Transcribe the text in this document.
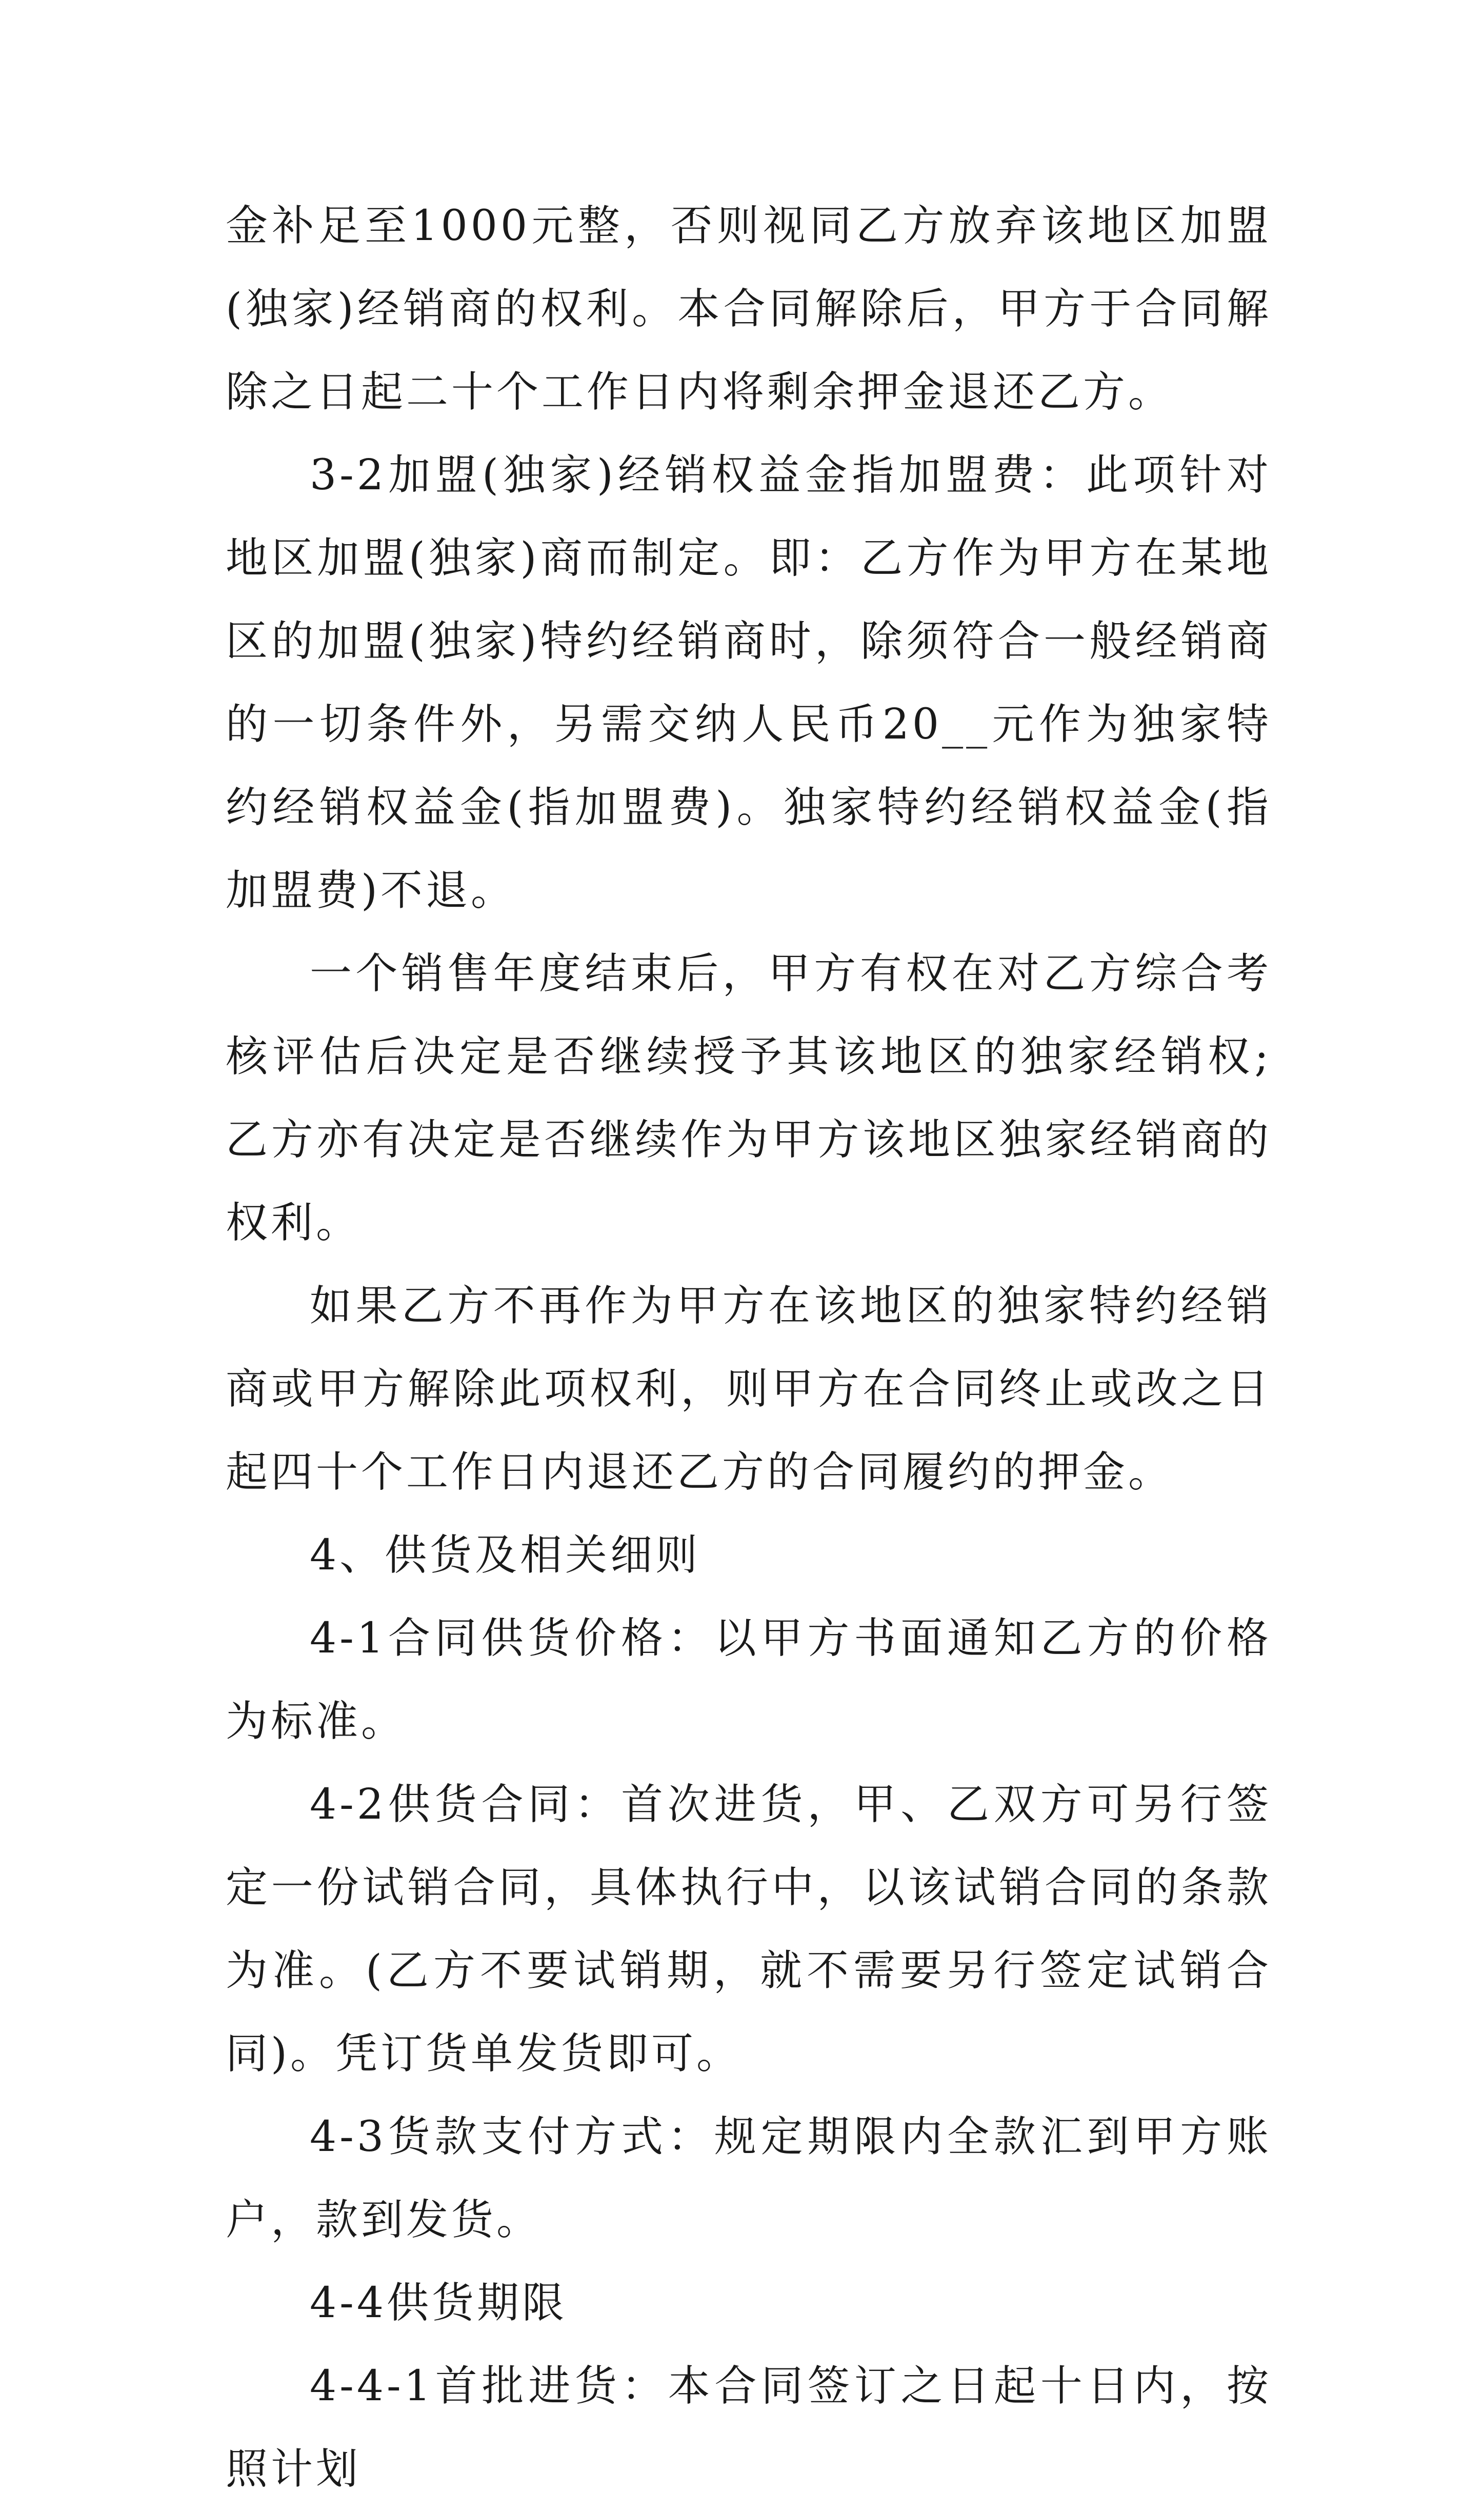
金补足至1000元整，否则视同乙方放弃该地区加盟(独家)经销商的权利。本合同解除后，甲方于合同解除之日起二十个工作日内将剩余押金退还乙方。

3-2加盟(独家)经销权益金指加盟费：此项针对地区加盟(独家)商而制定。即：乙方作为甲方在某地区的加盟(独家)特约经销商时，除须符合一般经销商的一切条件外，另需交纳人民币20__元作为独家特约经销权益金(指加盟费)。独家特约经销权益金(指加盟费)不退。

一个销售年度结束后，甲方有权在对乙方综合考核评估后决定是否继续授予其该地区的独家经销权;乙方亦有决定是否继续作为甲方该地区独家经销商的权利。

如果乙方不再作为甲方在该地区的独家特约经销商或甲方解除此项权利，则甲方在合同终止或改之日起四十个工作日内退还乙方的合同履约的押金。

4、供货及相关细则

4-1合同供货价格：以甲方书面通知乙方的价格为标准。

4-2供货合同：首次进货，甲、乙双方可另行签定一份试销合同，具体执行中，以该试销合同的条款为准。(乙方不要试销期，就不需要另行签定试销合同)。凭订货单发货即可。

4-3货款支付方式：规定期限内全款汇到甲方账户，款到发货。

4-4供货期限

4-4-1首批进货：本合同签订之日起十日内，按照计划
